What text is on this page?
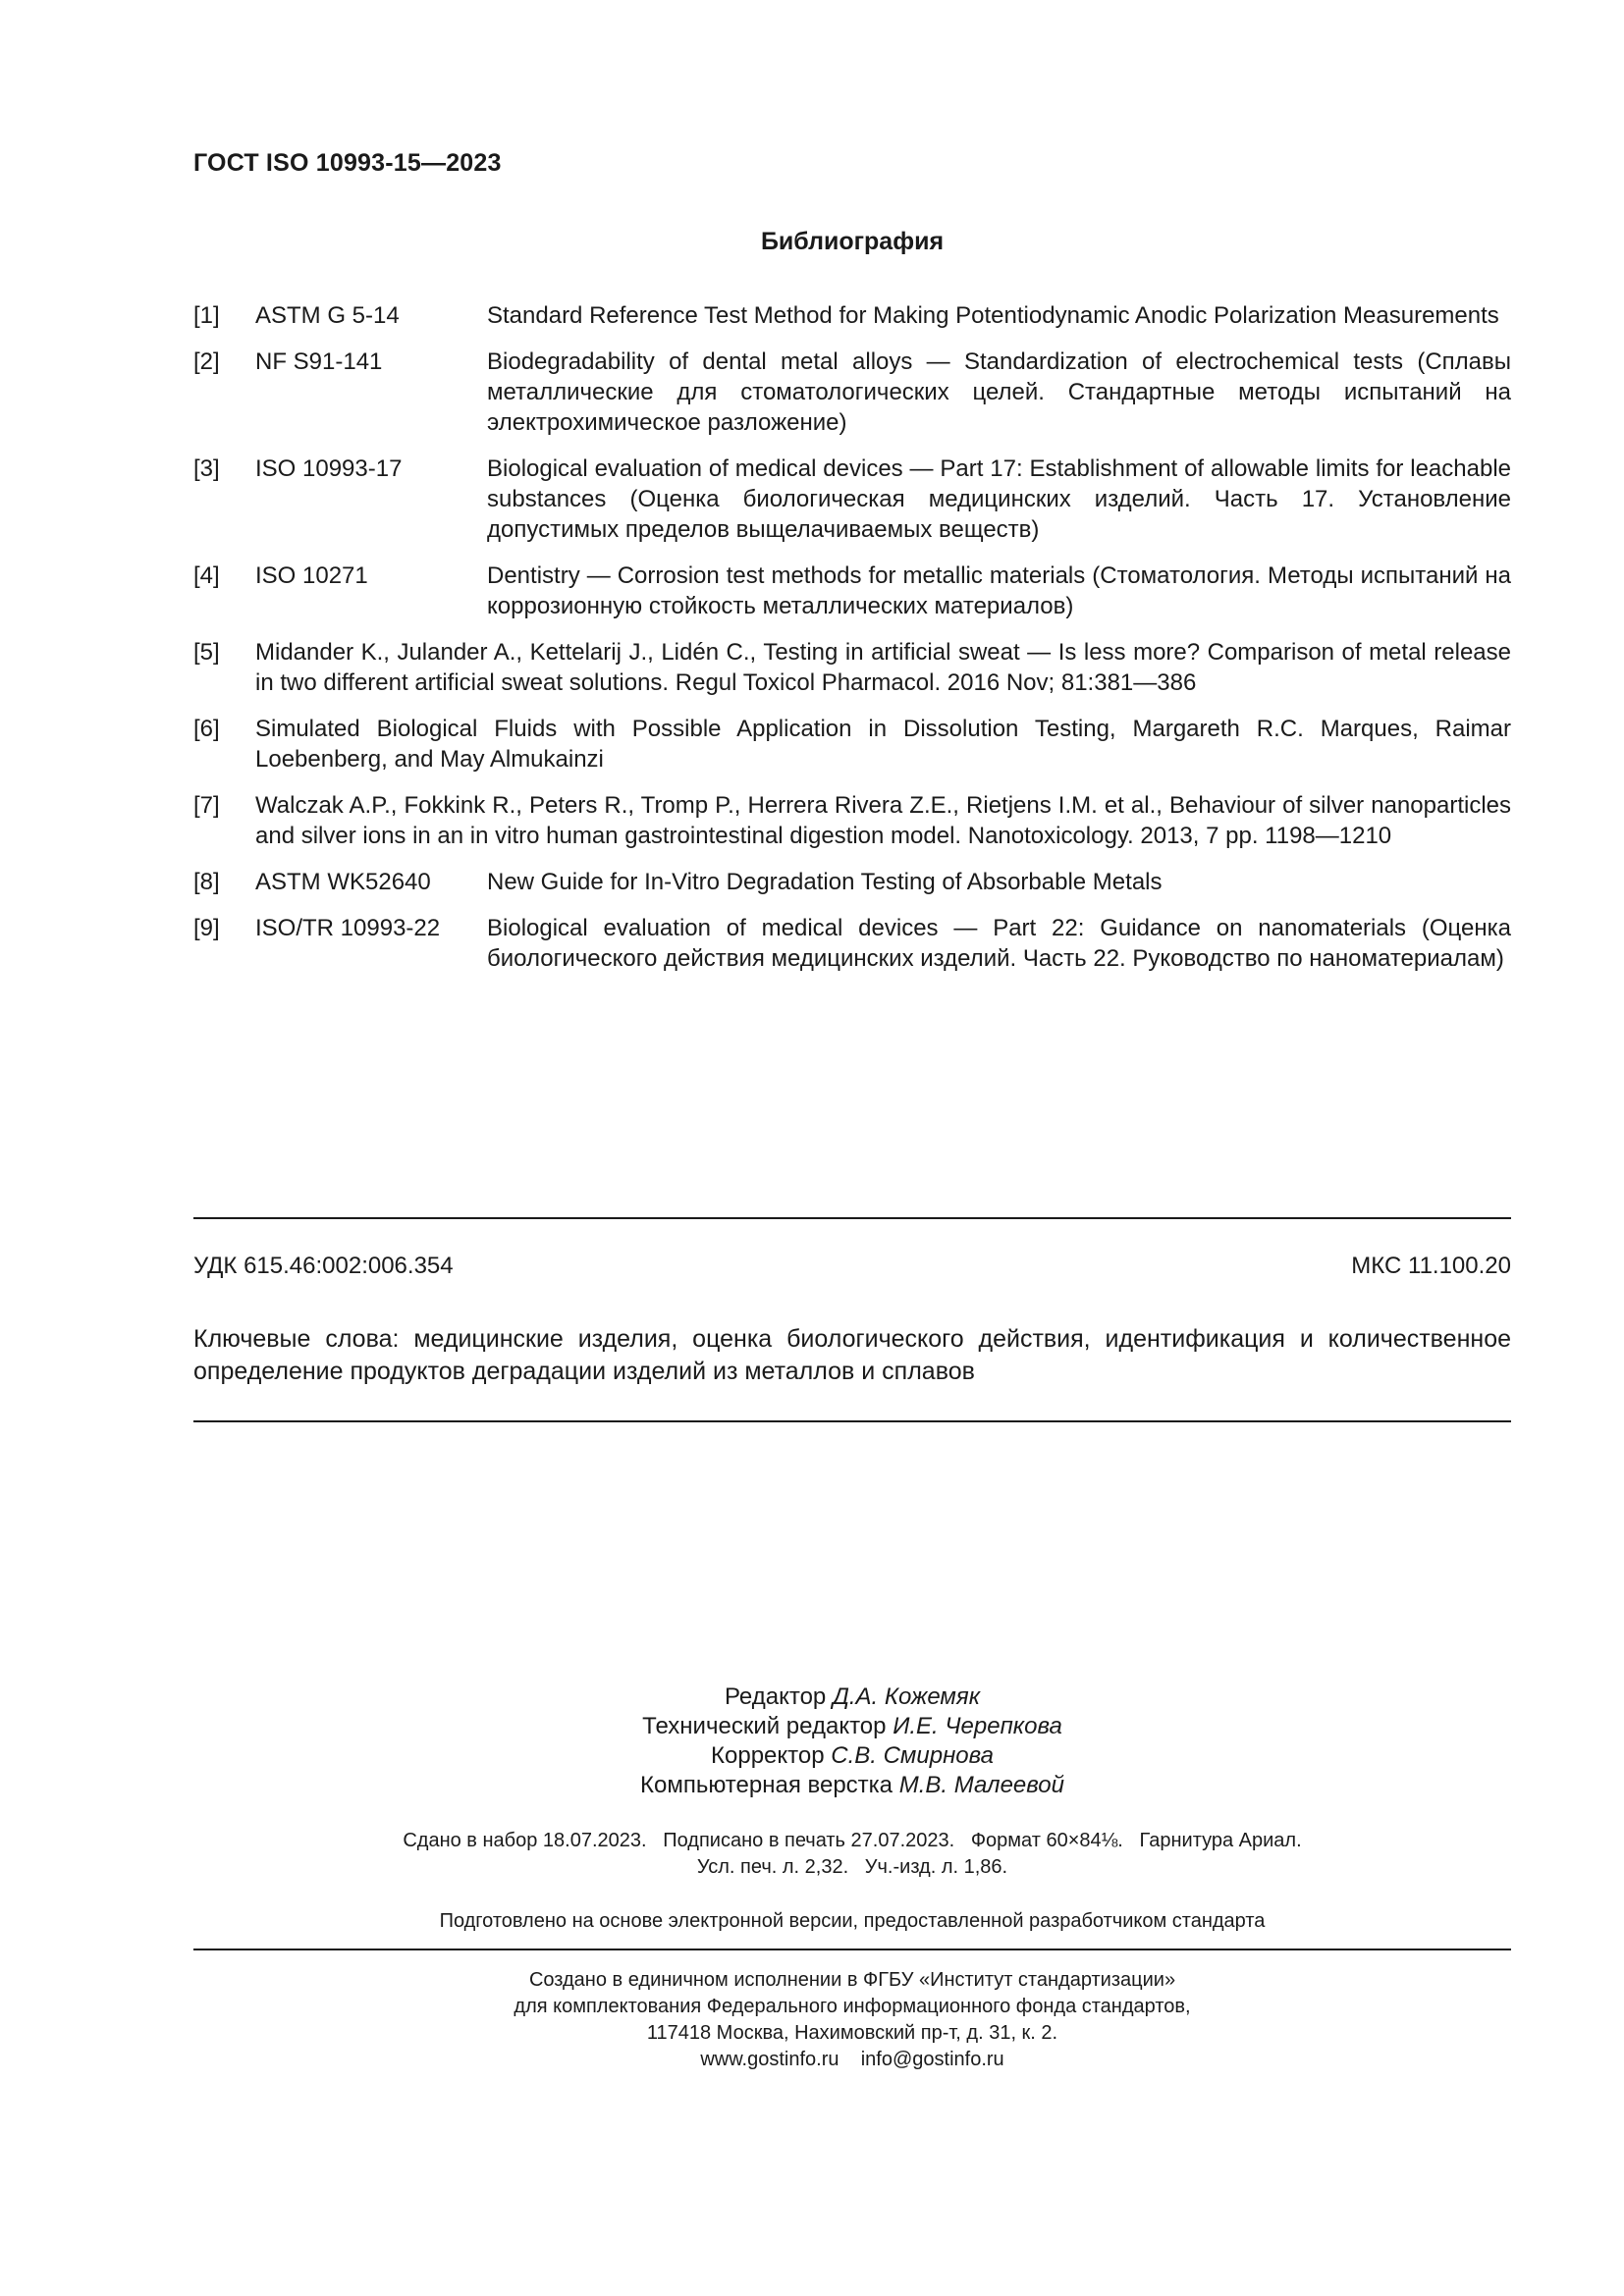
ГОСТ ISO 10993-15—2023
Библиография
[1]	ASTM G 5-14	Standard Reference Test Method for Making Potentiodynamic Anodic Polarization Measurements
[2]	NF S91-141	Biodegradability of dental metal alloys — Standardization of electrochemical tests (Сплавы металлические для стоматологических целей. Стандартные методы испытаний на электрохимическое разложение)
[3]	ISO 10993-17	Biological evaluation of medical devices — Part 17: Establishment of allowable limits for leachable substances (Оценка биологическая медицинских изделий. Часть 17. Установление допустимых пределов выщелачиваемых веществ)
[4]	ISO 10271	Dentistry — Corrosion test methods for metallic materials (Стоматология. Методы испытаний на коррозионную стойкость металлических материалов)
[5]	Midander K., Julander A., Kettelarij J., Lidén C., Testing in artificial sweat — Is less more? Comparison of metal release in two different artificial sweat solutions. Regul Toxicol Pharmacol. 2016 Nov; 81:381—386
[6]	Simulated Biological Fluids with Possible Application in Dissolution Testing, Margareth R.C. Marques, Raimar Loebenberg, and May Almukainzi
[7]	Walczak A.P., Fokkink R., Peters R., Tromp P., Herrera Rivera Z.E., Rietjens I.M. et al., Behaviour of silver nanoparticles and silver ions in an in vitro human gastrointestinal digestion model. Nanotoxicology. 2013, 7 pp. 1198—1210
[8]	ASTM WK52640	New Guide for In-Vitro Degradation Testing of Absorbable Metals
[9]	ISO/TR 10993-22	Biological evaluation of medical devices — Part 22: Guidance on nanomaterials (Оценка биологического действия медицинских изделий. Часть 22. Руководство по наноматериалам)
УДК 615.46:002:006.354	МКС 11.100.20
Ключевые слова: медицинские изделия, оценка биологического действия, идентификация и количественное определение продуктов деградации изделий из металлов и сплавов
Редактор Д.А. Кожемяк
Технический редактор И.Е. Черепкова
Корректор С.В. Смирнова
Компьютерная верстка М.В. Малеевой
Сдано в набор 18.07.2023.   Подписано в печать 27.07.2023.   Формат 60×84⅛.   Гарнитура Ариал.
Усл. печ. л. 2,32.   Уч.-изд. л. 1,86.
Подготовлено на основе электронной версии, предоставленной разработчиком стандарта
Создано в единичном исполнении в ФГБУ «Институт стандартизации»
для комплектования Федерального информационного фонда стандартов,
117418 Москва, Нахимовский пр-т, д. 31, к. 2.
www.gostinfo.ru    info@gostinfo.ru
